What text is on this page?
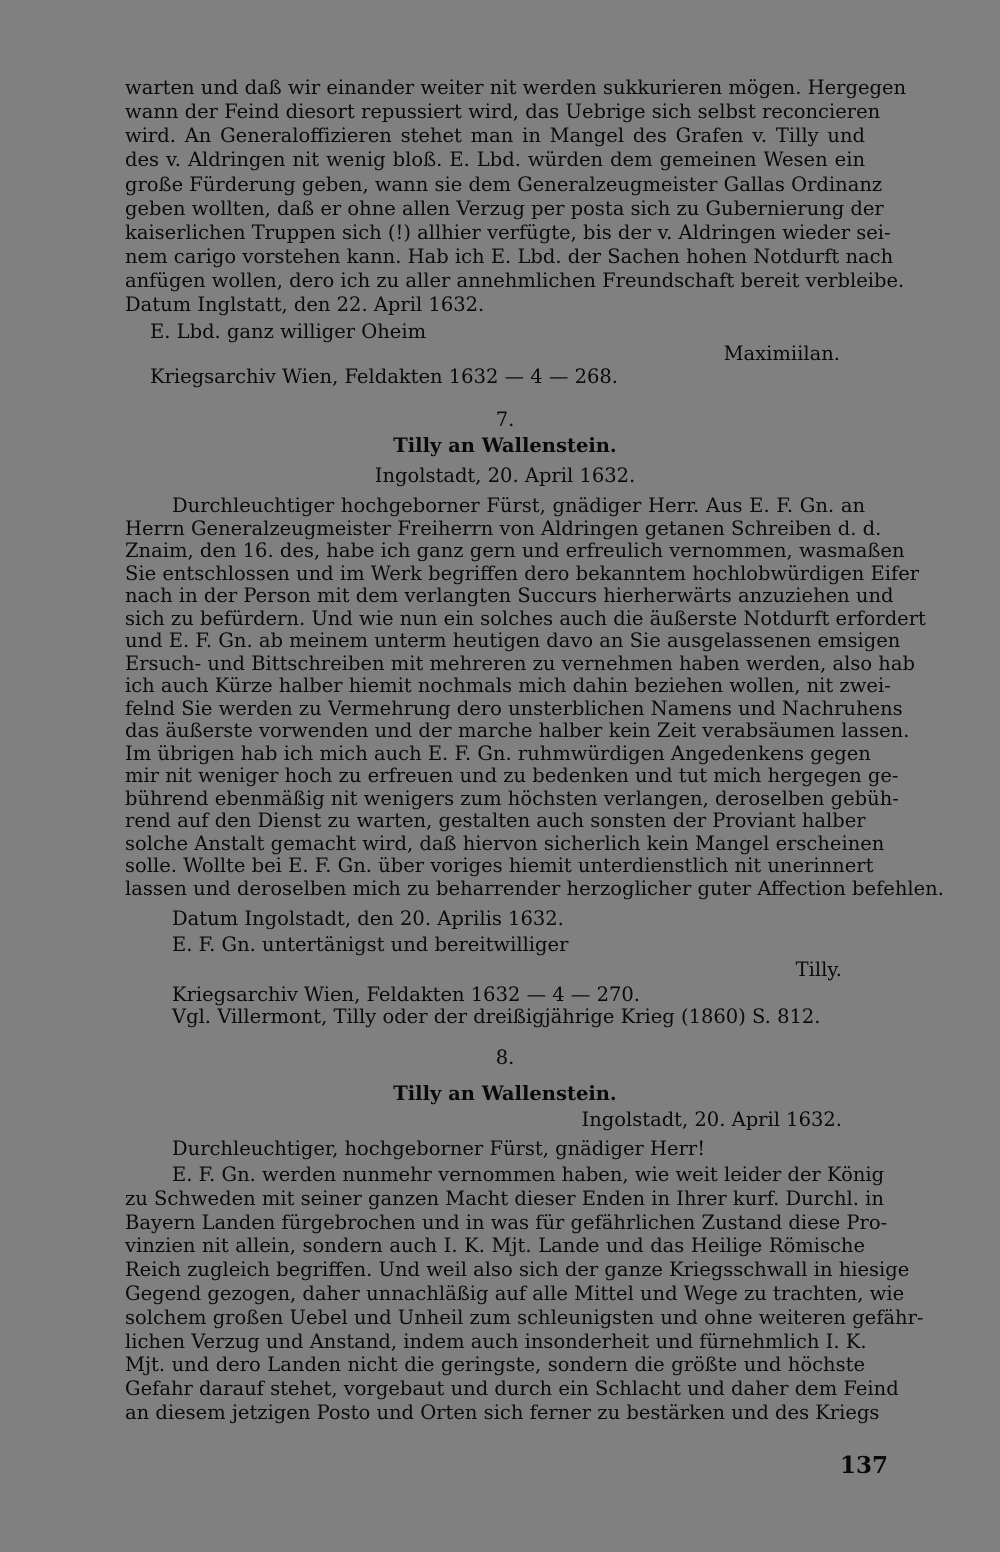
warten und daß wir einander weiter nit werden sukkurieren mögen. Hergegen
wann der Feind diesort repussiert wird, das Uebrige sich selbst reconcieren
wird. An Generaloffizieren stehet man in Mangel des Grafen v. Tilly und
des v. Aldringen nit wenig bloß. E. Lbd. würden dem gemeinen Wesen ein
große Fürderung geben, wann sie dem Generalzeugmeister Gallas Ordinanz
geben wollten, daß er ohne allen Verzug per posta sich zu Gubernierung der
kaiserlichen Truppen sich (!) allhier verfügte, bis der v. Aldringen wieder sei-
nem carigo vorstehen kann. Hab ich E. Lbd. der Sachen hohen Notdurft nach
anfügen wollen, dero ich zu aller annehmlichen Freundschaft bereit verbleibe.
Datum Inglstatt, den 22. April 1632.
E. Lbd. ganz williger Oheim
Maximiilan.
Kriegsarchiv Wien, Feldakten 1632 — 4 — 268.
7.
Tilly an Wallenstein.
Ingolstadt, 20. April 1632.
Durchleuchtiger hochgeborner Fürst, gnädiger Herr. Aus E. F. Gn. an
Herrn Generalzeugmeister Freiherrn von Aldringen getanen Schreiben d. d.
Znaim, den 16. des, habe ich ganz gern und erfreulich vernommen, wasmaßen
Sie entschlossen und im Werk begriffen dero bekanntem hochlobwürdigen Eifer
nach in der Person mit dem verlangten Succurs hierherwärts anzuziehen und
sich zu befürdern. Und wie nun ein solches auch die äußerste Notdurft erfordert
und E. F. Gn. ab meinem unterm heutigen davo an Sie ausgelassenen emsigen
Ersuch- und Bittschreiben mit mehreren zu vernehmen haben werden, also hab
ich auch Kürze halber hiemit nochmals mich dahin beziehen wollen, nit zwei-
felnd Sie werden zu Vermehrung dero unsterblichen Namens und Nachruhens
das äußerste vorwenden und der marche halber kein Zeit verabsäumen lassen.
Im übrigen hab ich mich auch E. F. Gn. ruhmwürdigen Angedenkens gegen
mir nit weniger hoch zu erfreuen und zu bedenken und tut mich hergegen ge-
bührend ebenmäßig nit wenigers zum höchsten verlangen, deroselben gebüh-
rend auf den Dienst zu warten, gestalten auch sonsten der Proviant halber
solche Anstalt gemacht wird, daß hiervon sicherlich kein Mangel erscheinen
solle. Wollte bei E. F. Gn. über voriges hiemit unterdienstlich nit unerinnert
lassen und deroselben mich zu beharrender herzoglicher guter Affection befehlen.
Datum Ingolstadt, den 20. Aprilis 1632.
E. F. Gn. untertänigst und bereitwilliger
Tilly.
Kriegsarchiv Wien, Feldakten 1632 — 4 — 270.
Vgl. Villermont, Tilly oder der dreißigjährige Krieg (1860) S. 812.
8.
Tilly an Wallenstein.
Ingolstadt, 20. April 1632.
Durchleuchtiger, hochgeborner Fürst, gnädiger Herr!
E. F. Gn. werden nunmehr vernommen haben, wie weit leider der König
zu Schweden mit seiner ganzen Macht dieser Enden in Ihrer kurf. Durchl. in
Bayern Landen fürgebrochen und in was für gefährlichen Zustand diese Pro-
vinzien nit allein, sondern auch I. K. Mjt. Lande und das Heilige Römische
Reich zugleich begriffen. Und weil also sich der ganze Kriegsschwall in hiesige
Gegend gezogen, daher unnachläßig auf alle Mittel und Wege zu trachten, wie
solchem großen Uebel und Unheil zum schleunigsten und ohne weiteren gefähr-
lichen Verzug und Anstand, indem auch insonderheit und fürnehmlich I. K.
Mjt. und dero Landen nicht die geringste, sondern die größte und höchste
Gefahr darauf stehet, vorgebaut und durch ein Schlacht und daher dem Feind
an diesem jetzigen Posto und Orten sich ferner zu bestärken und des Kriegs
137
